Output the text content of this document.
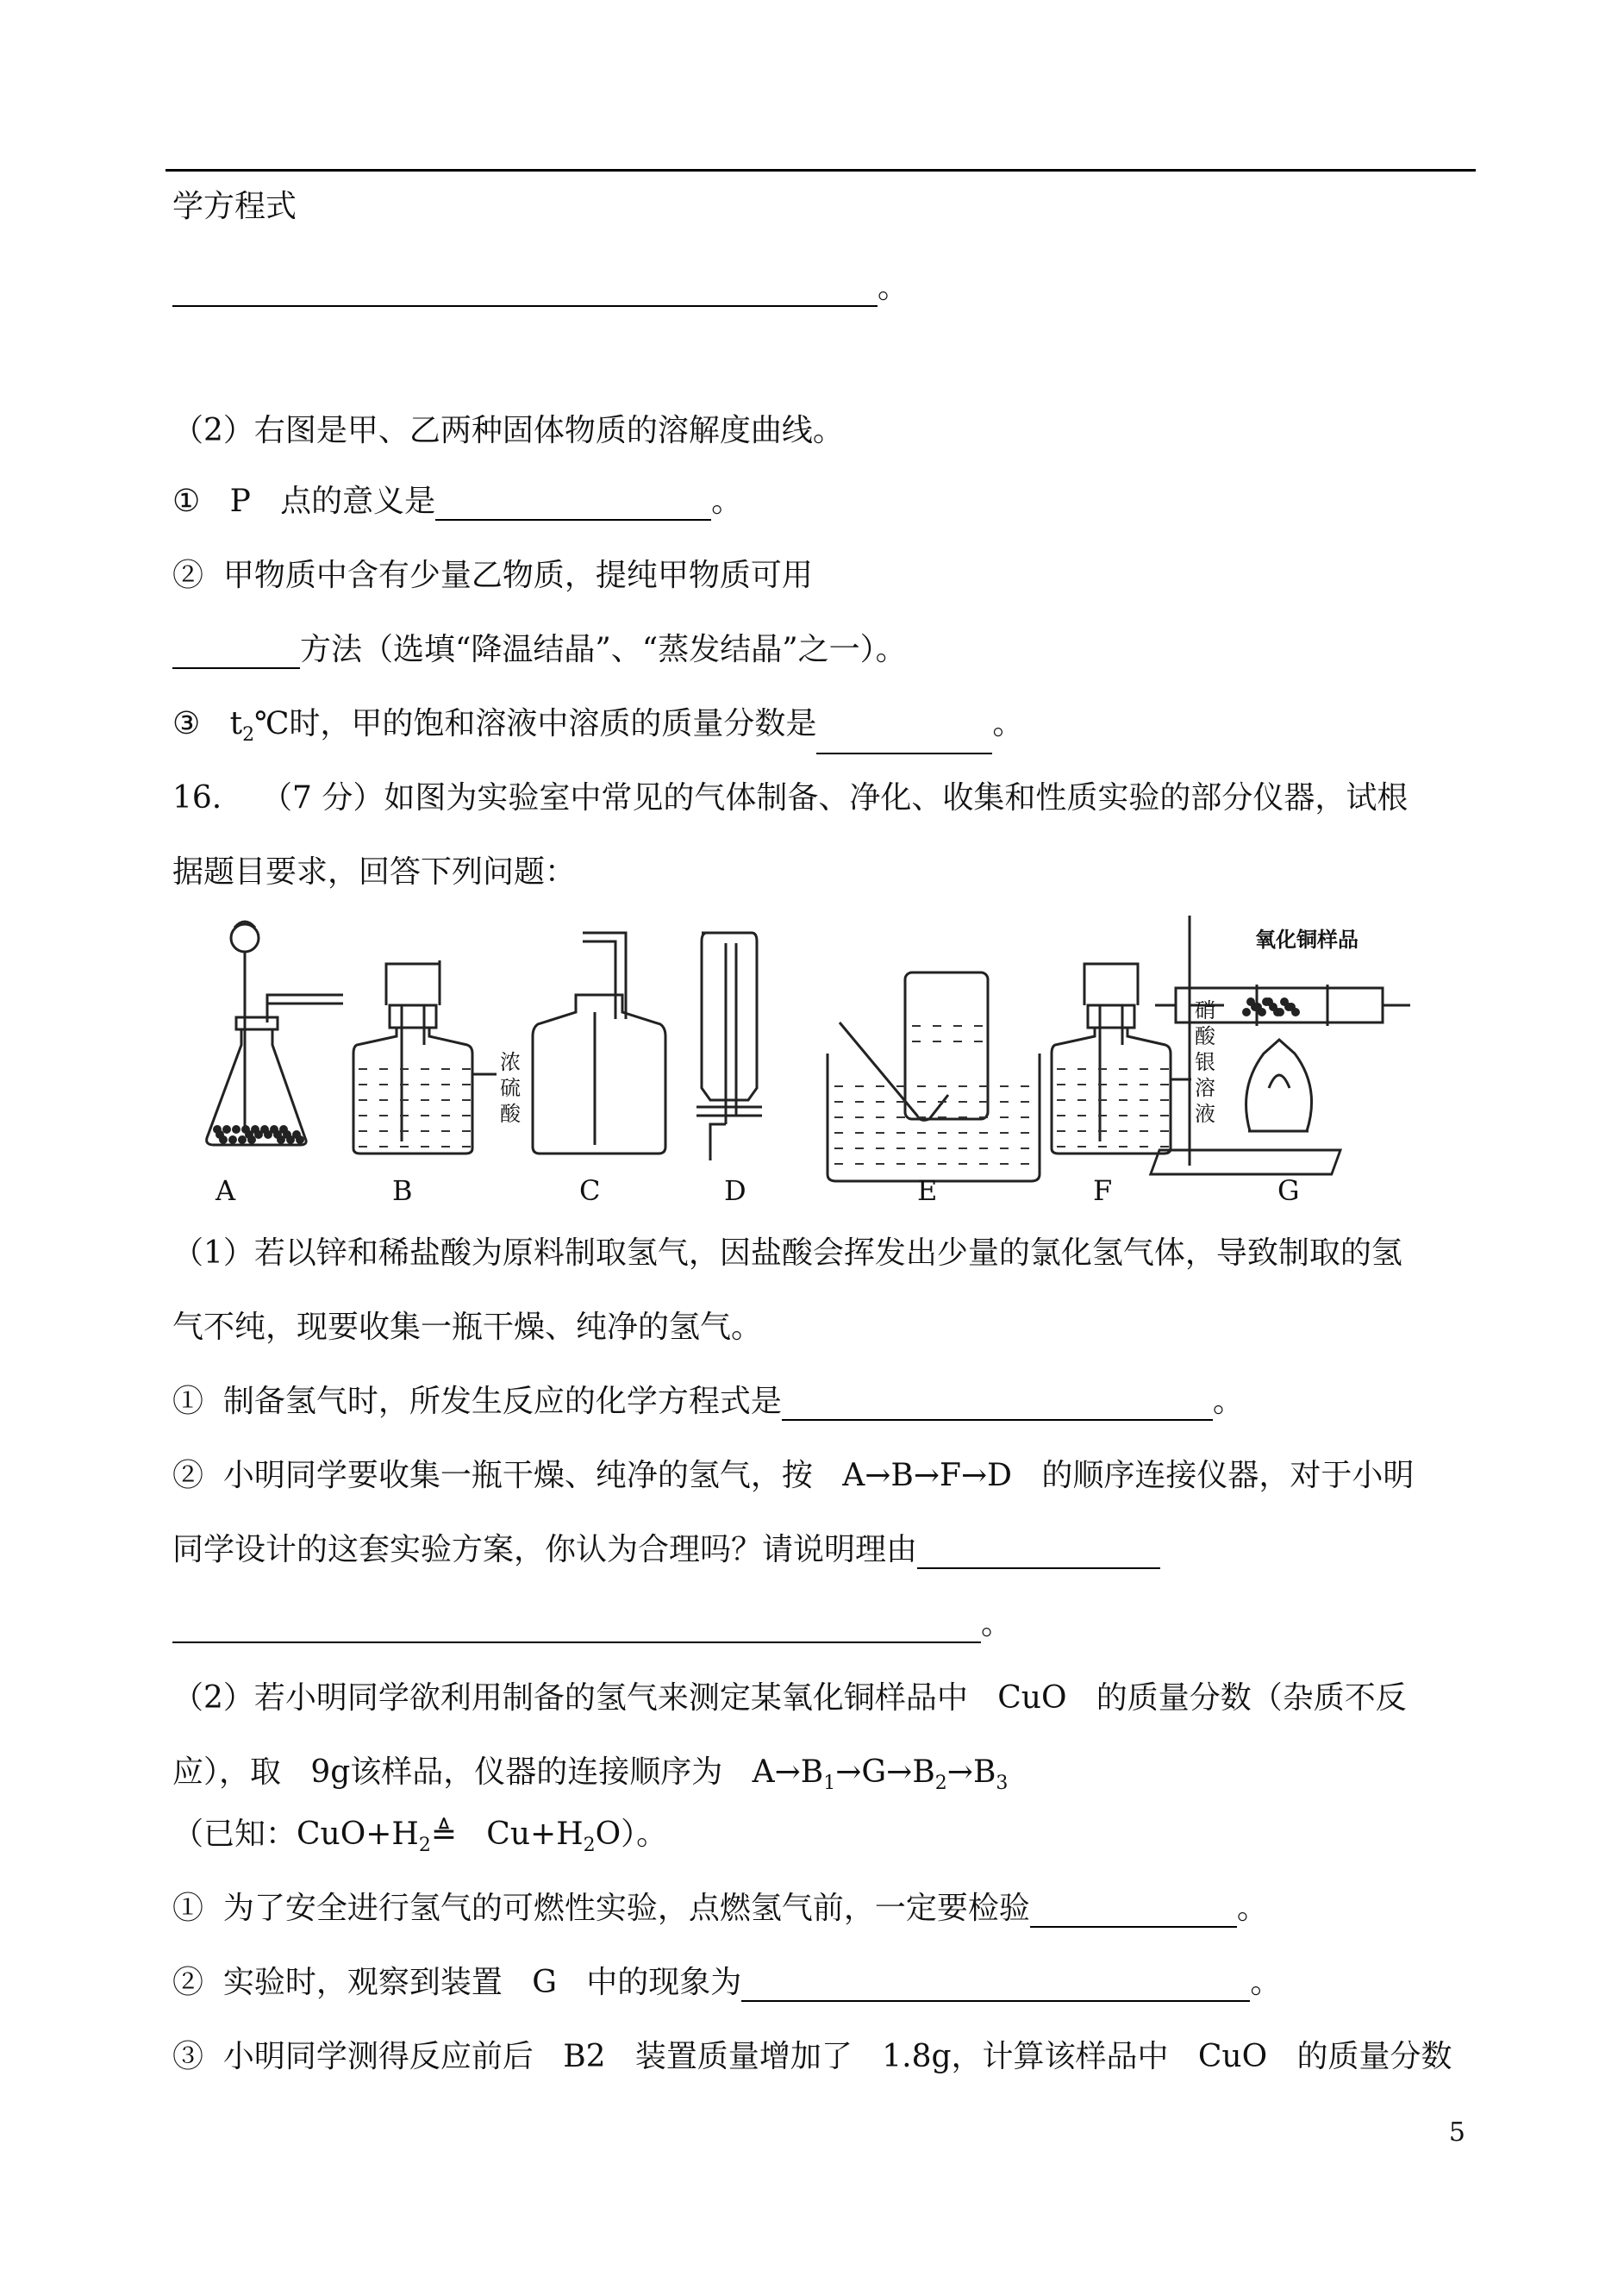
学方程式
。
（2）右图是甲、乙两种固体物质的溶解度曲线。
①   P   点的意义是	。
②  甲物质中含有少量乙物质，提纯甲物质可用
方法（选填“降温结晶”、“蒸发结晶”之一）。
③   $t_2℃$时，甲的饱和溶液中溶质的质量分数是	。
16.    （7 分）如图为实验室中常见的气体制备、净化、收集和性质实验的部分仪器，试根
据题目要求，回答下列问题：
A	B	C	D	E	F	G
浓
硫
酸
硝
酸
银
溶
液
氧化铜样品
（1）若以锌和稀盐酸为原料制取氢气，因盐酸会挥发出少量的氯化氢气体，导致制取的氢
气不纯，现要收集一瓶干燥、纯净的氢气。
①  制备氢气时，所发生反应的化学方程式是	。
②  小明同学要收集一瓶干燥、纯净的氢气，按   A→B→F→D   的顺序连接仪器，对于小明
同学设计的这套实验方案，你认为合理吗？请说明理由
。
（2）若小明同学欲利用制备的氢气来测定某氧化铜样品中   CuO   的质量分数（杂质不反
应），取   9g该样品，仪器的连接顺序为   $A\to B_1\to G\to B_2\to B_3$
（已知：$CuO+H_2≜$   $Cu+H_2O$）。
①  为了安全进行氢气的可燃性实验，点燃氢气前，一定要检验	。
②  实验时，观察到装置   G   中的现象为	。
③  小明同学测得反应前后   B2   装置质量增加了   1.8g，计算该样品中   CuO   的质量分数
5
